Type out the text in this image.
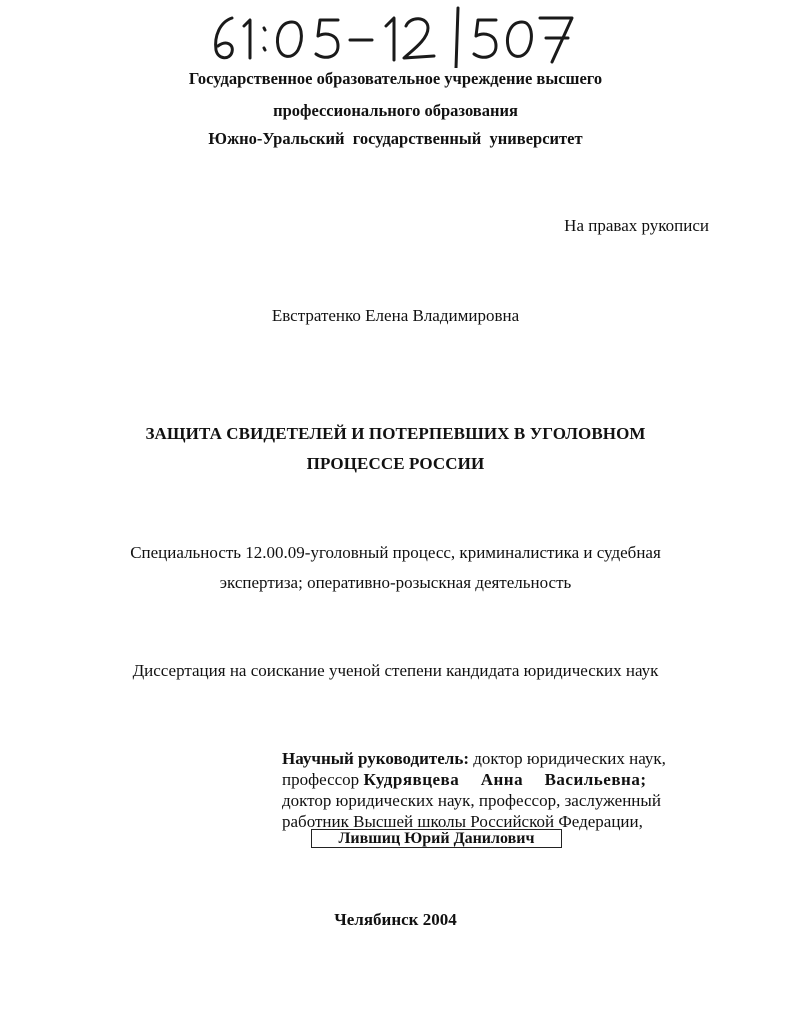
Государственное образовательное учреждение высшего
профессионального образования
Южно-Уральский  государственный  университет
На правах рукописи
Евстратенко Елена Владимировна
ЗАЩИТА СВИДЕТЕЛЕЙ И ПОТЕРПЕВШИХ В УГОЛОВНОМ
ПРОЦЕССЕ РОССИИ
Специальность 12.00.09-уголовный процесс, криминалистика и судебная
экспертиза; оперативно-розыскная деятельность
Диссертация на соискание ученой степени кандидата юридических наук
Научный руководитель: доктор юридических наук,
профессор Кудрявцева  Анна  Васильевна;
доктор юридических наук, профессор, заслуженный
работник Высшей школы Российской Федерации,
Лившиц Юрий Данилович
Челябинск 2004
